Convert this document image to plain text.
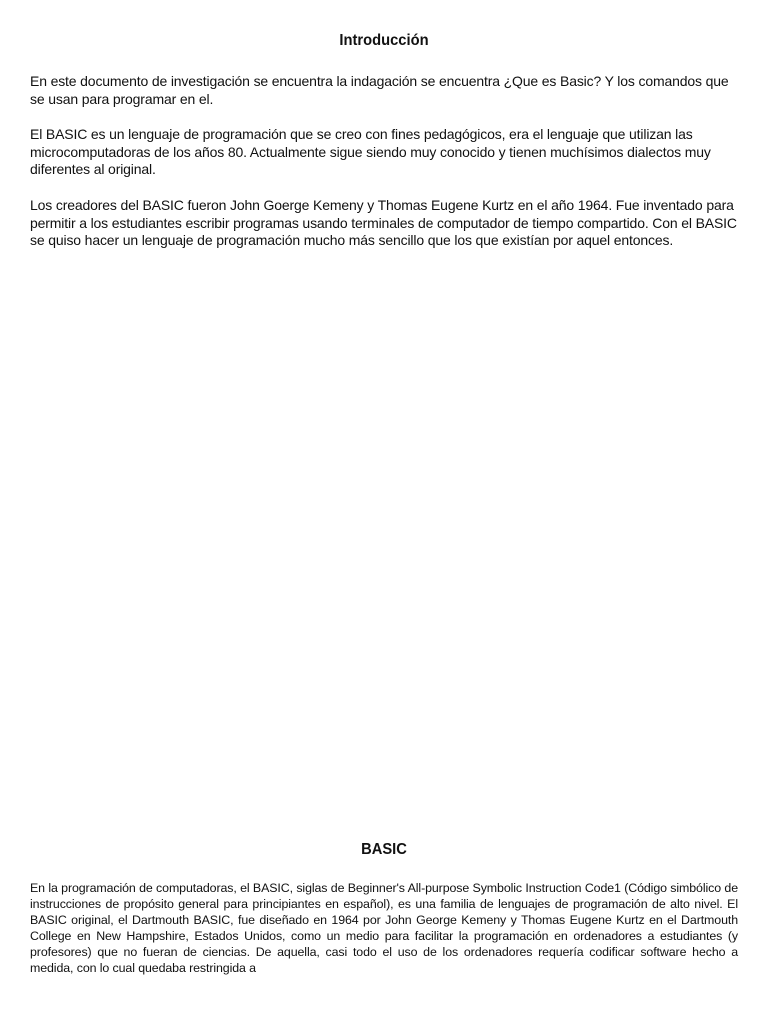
Introducción

En este documento de investigación se encuentra la indagación se encuentra ¿Que es Basic? Y los comandos que se usan para programar en el.

El BASIC es un lenguaje de programación que se creo con fines pedagógicos, era el lenguaje que utilizan las microcomputadoras de los años 80. Actualmente sigue siendo muy conocido y tienen muchísimos dialectos muy diferentes al original.

Los creadores del BASIC fueron John Goerge Kemeny y Thomas Eugene Kurtz en el año 1964. Fue inventado para permitir a los estudiantes escribir programas usando terminales de computador de tiempo compartido. Con el BASIC se quiso hacer un lenguaje de programación mucho más sencillo que los que existían por aquel entonces.

BASIC

En la programación de computadoras, el BASIC, siglas de Beginner's All-purpose Symbolic Instruction Code1 (Código simbólico de instrucciones de propósito general para principiantes en español), es una familia de lenguajes de programación de alto nivel. El BASIC original, el Dartmouth BASIC, fue diseñado en 1964 por John George Kemeny y Thomas Eugene Kurtz en el Dartmouth College en New Hampshire, Estados Unidos, como un medio para facilitar la programación en ordenadores a estudiantes (y profesores) que no fueran de ciencias. De aquella, casi todo el uso de los ordenadores requería codificar software hecho a medida, con lo cual quedaba restringida a
